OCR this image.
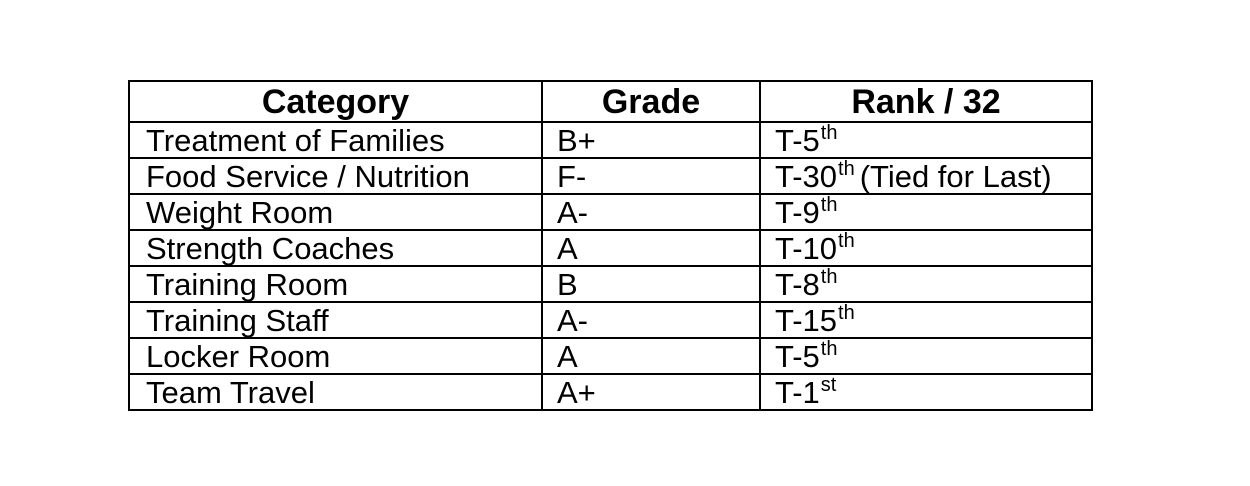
Category	Grade	Rank / 32
Treatment of Families	B+	T-5th
Food Service / Nutrition	F-	T-30th (Tied for Last)
Weight Room	A-	T-9th
Strength Coaches	A	T-10th
Training Room	B	T-8th
Training Staff	A-	T-15th
Locker Room	A	T-5th
Team Travel	A+	T-1st
